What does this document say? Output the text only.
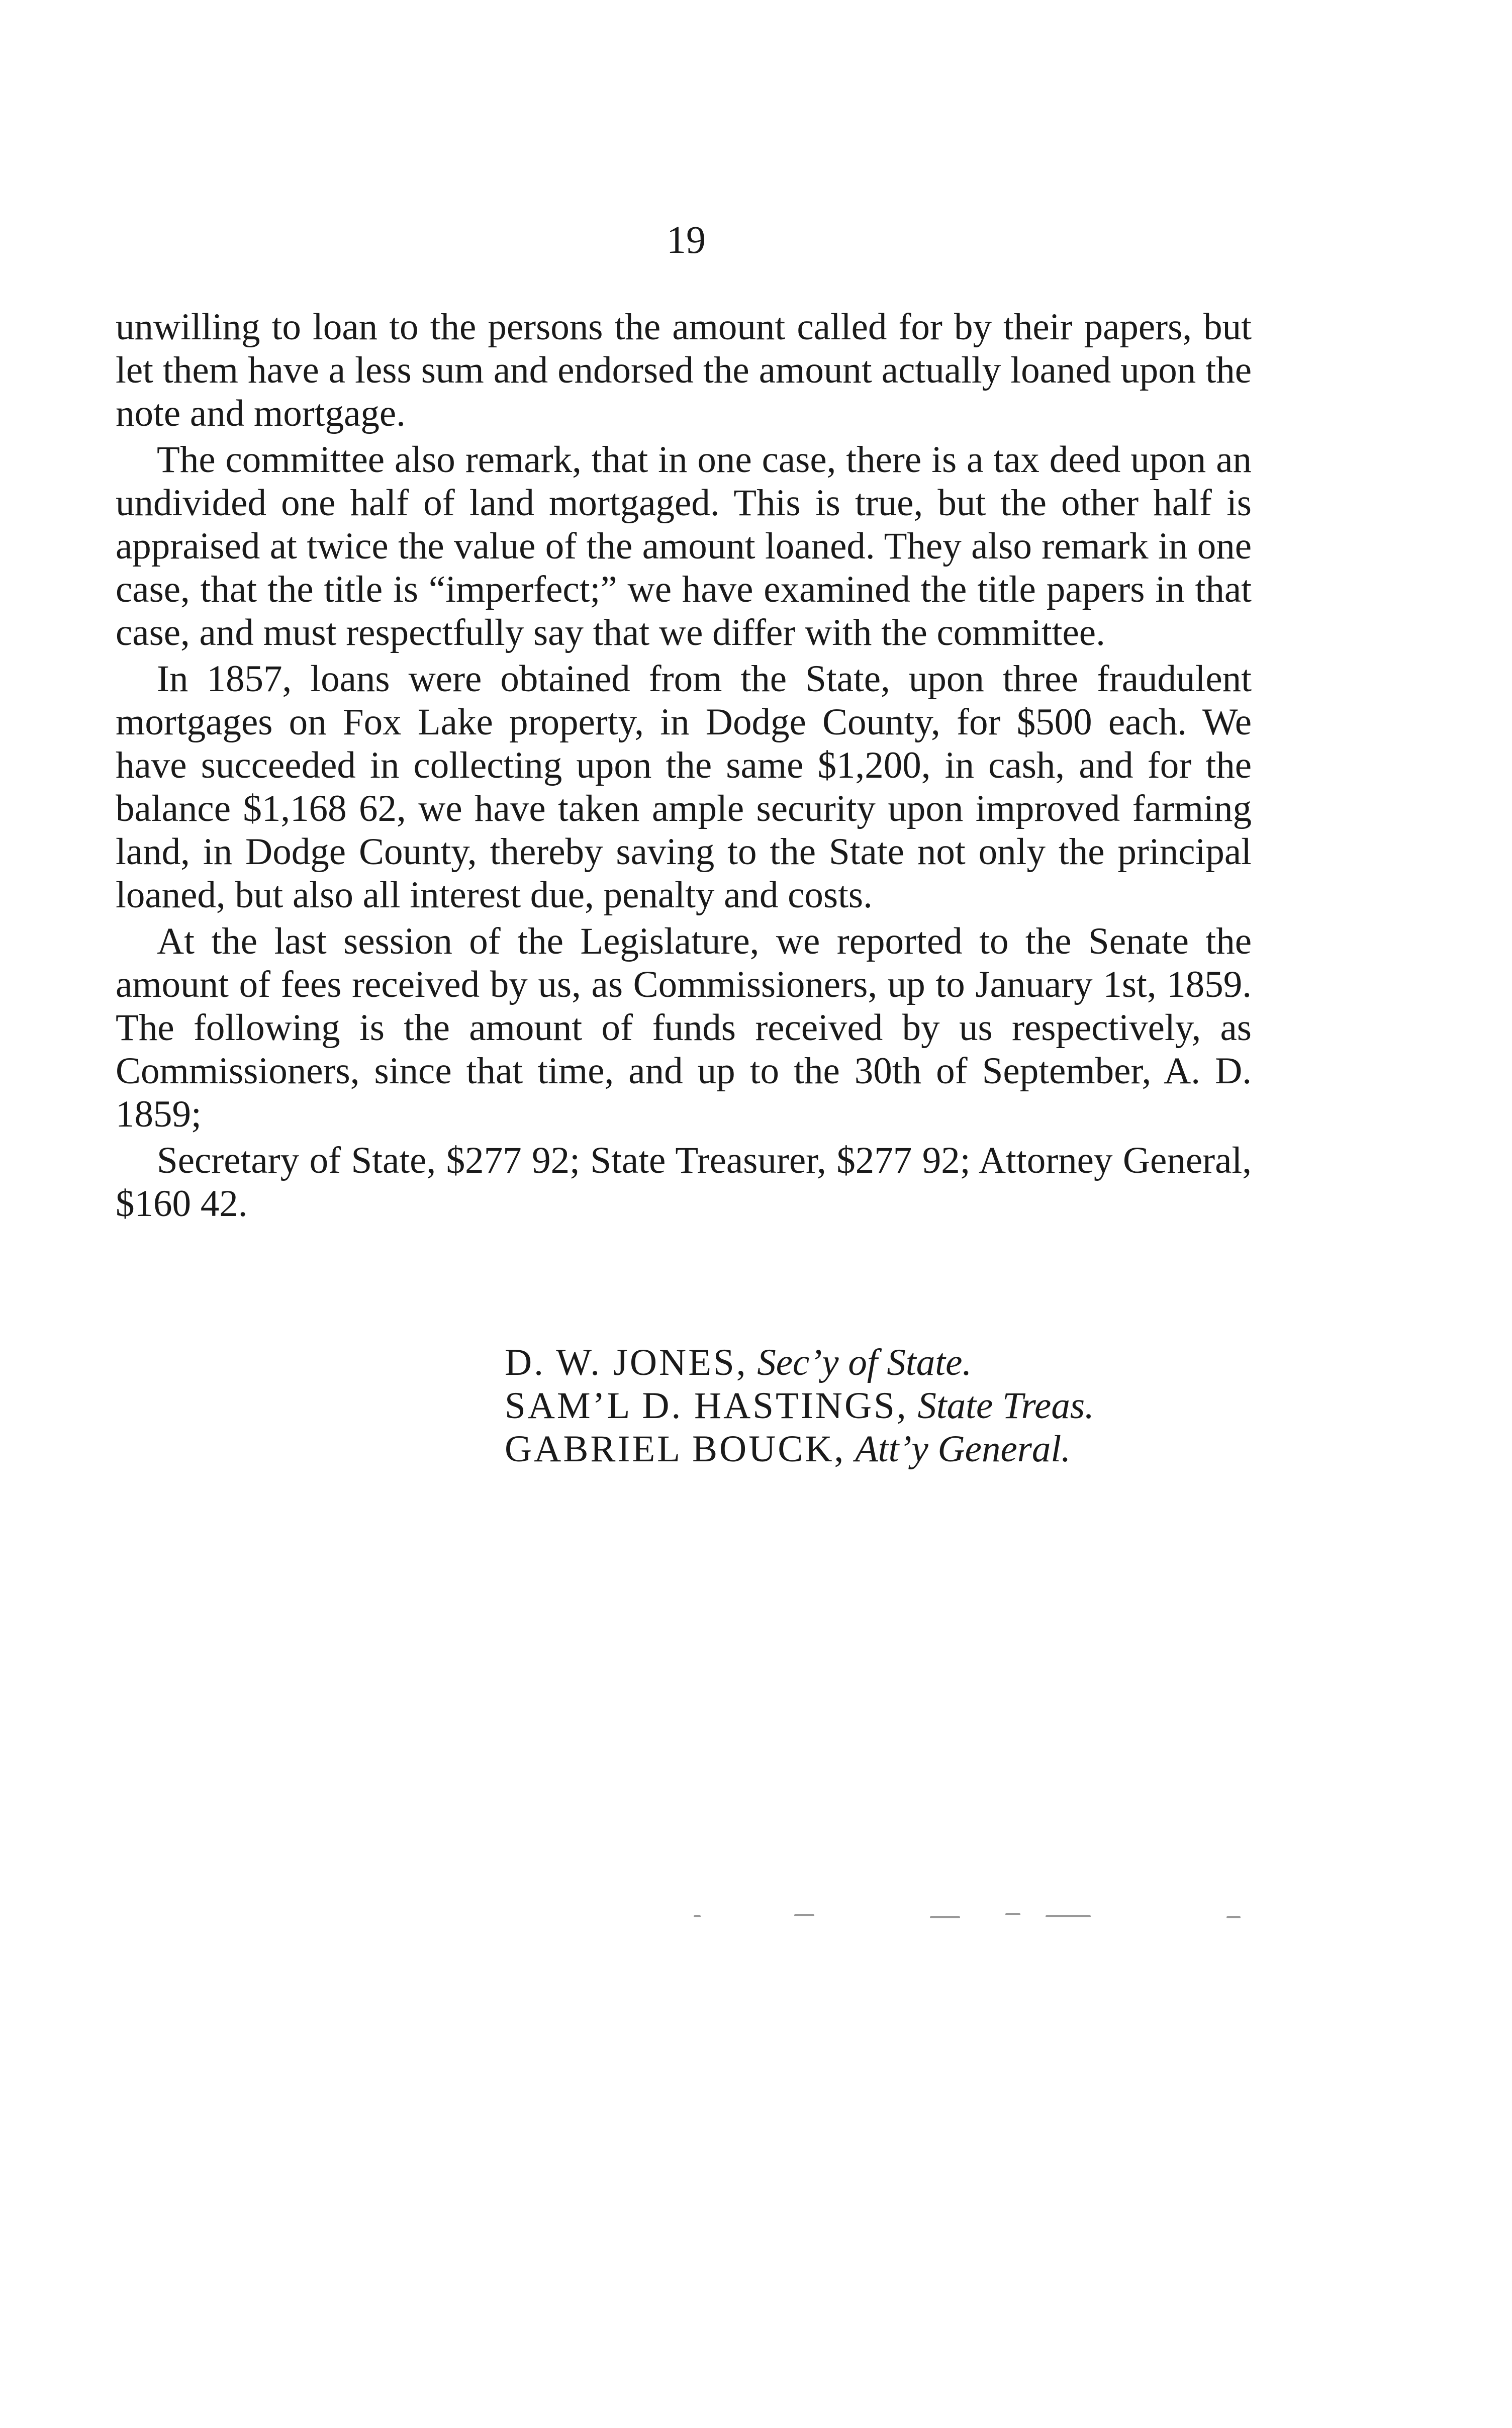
19

unwilling to loan to the persons the amount called for by their papers, but let them have a less sum and endorsed the amount actually loaned upon the note and mortgage.

The committee also remark, that in one case, there is a tax deed upon an undivided one half of land mortgaged. This is true, but the other half is appraised at twice the value of the amount loaned. They also remark in one case, that the title is “imperfect;” we have examined the title papers in that case, and must respectfully say that we differ with the committee.

In 1857, loans were obtained from the State, upon three fraudulent mortgages on Fox Lake property, in Dodge County, for $500 each. We have succeeded in collecting upon the same $1,200, in cash, and for the balance $1,168 62, we have taken ample security upon improved farming land, in Dodge County, thereby saving to the State not only the principal loaned, but also all interest due, penalty and costs.

At the last session of the Legislature, we reported to the Senate the amount of fees received by us, as Commissioners, up to January 1st, 1859. The following is the amount of funds received by us respectively, as Commissioners, since that time, and up to the 30th of September, A. D. 1859;

Secretary of State, $277 92; State Treasurer, $277 92; Attorney General, $160 42.

D. W. JONES, Sec’y of State.
SAM’L D. HASTINGS, State Treas.
GABRIEL BOUCK, Att’y General.
